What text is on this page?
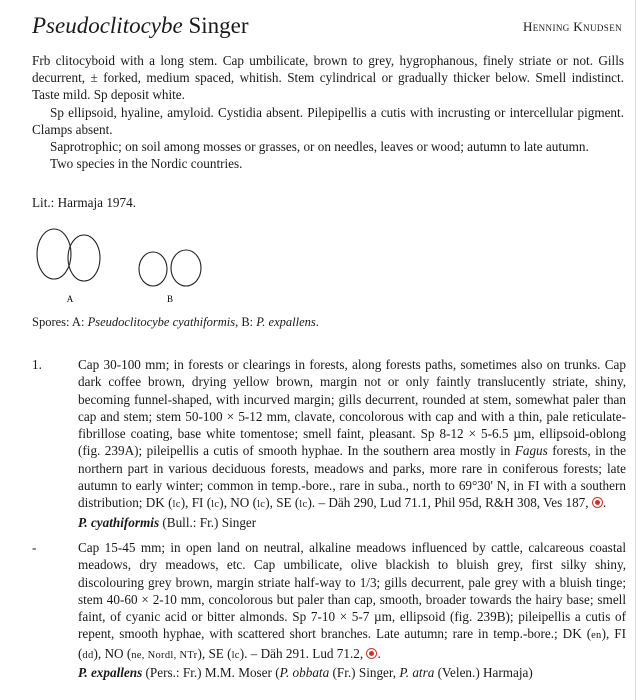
Pseudoclitocybe Singer	Henning Knudsen

Frb clitocyboid with a long stem. Cap umbilicate, brown to grey, hygrophanous, finely striate or not. Gills decurrent, ± forked, medium spaced, whitish. Stem cylindrical or gradually thicker below. Smell indistinct. Taste mild. Sp deposit white.

Sp ellipsoid, hyaline, amyloid. Cystidia absent. Pilepipellis a cutis with incrusting or intercellular pigment. Clamps absent.

Saprotrophic; on soil among mosses or grasses, or on needles, leaves or wood; autumn to late autumn.

Two species in the Nordic countries.

Lit.: Harmaja 1974.
A	B
Spores: A: Pseudoclitocybe cyathiformis, B: P. expallens.
1.	Cap 30-100 mm; in forests or clearings in forests, along forests paths, sometimes also on trunks. Cap dark coffee brown, drying yellow brown, margin not or only faintly translucently striate, shiny, becoming funnel-shaped, with incurved margin; gills decurrent, rounded at stem, somewhat paler than cap and stem; stem 50-100 × 5-12 mm, clavate, concolorous with cap and with a thin, pale reticulate-fibrillose coating, base white tomentose; smell faint, pleasant. Sp 8-12 × 5-6.5 µm, ellipsoid-oblong (fig. 239A); pileipellis a cutis of smooth hyphae. In the southern area mostly in Fagus forests, in the northern part in various deciduous forests, meadows and parks, more rare in coniferous forests; late autumn to early winter; common in temp.-bore., rare in suba., north to 69°30' N, in FI with a southern distribution; DK (lc), FI (lc), NO (lc), SE (lc). – Däh 290, Lud 71.1, Phil 95d, R&H 308, Ves 187, .
P. cyathiformis (Bull.: Fr.) Singer
-	Cap 15-45 mm; in open land on neutral, alkaline meadows influenced by cattle, calcareous coastal meadows, dry meadows, etc. Cap umbilicate, olive blackish to bluish grey, first silky shiny, discolouring grey brown, margin striate half-way to 1/3; gills decurrent, pale grey with a bluish tinge; stem 40-60 × 2-10 mm, concolorous but paler than cap, smooth, broader towards the hairy base; smell faint, of cyanic acid or bitter almonds. Sp 7-10 × 5-7 µm, ellipsoid (fig. 239B); pileipellis a cutis of repent, smooth hyphae, with scattered short branches. Late autumn; rare in temp.-bore.; DK (en), FI (dd), NO (ne, Nordl, NTr), SE (lc). – Däh 291. Lud 71.2, .
P. expallens (Pers.: Fr.) M.M. Moser (P. obbata (Fr.) Singer, P. atra (Velen.) Harmaja)
